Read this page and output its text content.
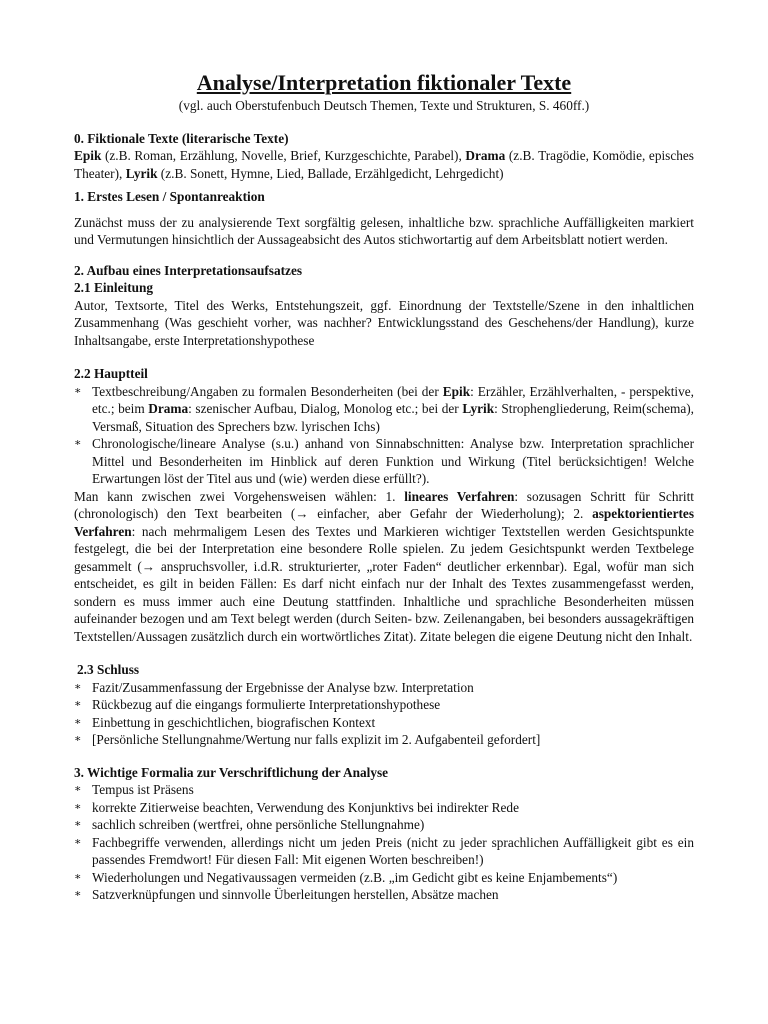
Analyse/Interpretation fiktionaler Texte

(vgl. auch Oberstufenbuch Deutsch Themen, Texte und Strukturen, S. 460ff.)

0. Fiktionale Texte (literarische Texte)

Epik (z.B. Roman, Erzählung, Novelle, Brief, Kurzgeschichte, Parabel), Drama (z.B. Tragödie, Komödie, episches Theater), Lyrik (z.B. Sonett, Hymne, Lied, Ballade, Erzählgedicht, Lehrgedicht)

1. Erstes Lesen / Spontanreaktion

Zunächst muss der zu analysierende Text sorgfältig gelesen, inhaltliche bzw. sprachliche Auffälligkeiten markiert und Vermutungen hinsichtlich der Aussageabsicht des Autos stichwortartig auf dem Arbeitsblatt notiert werden.

2. Aufbau eines Interpretationsaufsatzes
2.1 Einleitung

Autor, Textsorte, Titel des Werks, Entstehungszeit, ggf. Einordnung der Textstelle/Szene in den inhaltlichen Zusammenhang (Was geschieht vorher, was nachher? Entwicklungsstand des Geschehens/der Handlung), kurze Inhaltsangabe, erste Interpretationshypothese

2.2 Hauptteil
∗ Textbeschreibung/Angaben zu formalen Besonderheiten (bei der Epik: Erzähler, Erzählverhalten, - perspektive, etc.; beim Drama: szenischer Aufbau, Dialog, Monolog etc.; bei der Lyrik: Strophengliederung, Reim(schema), Versmaß, Situation des Sprechers bzw. lyrischen Ichs)
∗ Chronologische/lineare Analyse (s.u.) anhand von Sinnabschnitten: Analyse bzw. Interpretation sprachlicher Mittel und Besonderheiten im Hinblick auf deren Funktion und Wirkung (Titel berücksichtigen! Welche Erwartungen löst der Titel aus und (wie) werden diese erfüllt?).

Man kann zwischen zwei Vorgehensweisen wählen: 1. lineares Verfahren: sozusagen Schritt für Schritt (chronologisch) den Text bearbeiten (→ einfacher, aber Gefahr der Wiederholung); 2. aspektorientiertes Verfahren: nach mehrmaligem Lesen des Textes und Markieren wichtiger Textstellen werden Gesichtspunkte festgelegt, die bei der Interpretation eine besondere Rolle spielen. Zu jedem Gesichtspunkt werden Textbelege gesammelt (→ anspruchsvoller, i.d.R. strukturierter, „roter Faden“ deutlicher erkennbar). Egal, wofür man sich entscheidet, es gilt in beiden Fällen: Es darf nicht einfach nur der Inhalt des Textes zusammengefasst werden, sondern es muss immer auch eine Deutung stattfinden. Inhaltliche und sprachliche Besonderheiten müssen aufeinander bezogen und am Text belegt werden (durch Seiten- bzw. Zeilenangaben, bei besonders aussagekräftigen Textstellen/Aussagen zusätzlich durch ein wortwörtliches Zitat). Zitate belegen die eigene Deutung nicht den Inhalt.

2.3 Schluss
∗ Fazit/Zusammenfassung der Ergebnisse der Analyse bzw. Interpretation
∗ Rückbezug auf die eingangs formulierte Interpretationshypothese
∗ Einbettung in geschichtlichen, biografischen Kontext
∗ [Persönliche Stellungnahme/Wertung nur falls explizit im 2. Aufgabenteil gefordert]
3. Wichtige Formalia zur Verschriftlichung der Analyse
∗ Tempus ist Präsens
∗ korrekte Zitierweise beachten, Verwendung des Konjunktivs bei indirekter Rede
∗ sachlich schreiben (wertfrei, ohne persönliche Stellungnahme)
∗ Fachbegriffe verwenden, allerdings nicht um jeden Preis (nicht zu jeder sprachlichen Auffälligkeit gibt es ein passendes Fremdwort! Für diesen Fall: Mit eigenen Worten beschreiben!)
∗ Wiederholungen und Negativaussagen vermeiden (z.B. „im Gedicht gibt es keine Enjambements“)
∗ Satzverknüpfungen und sinnvolle Überleitungen herstellen, Absätze machen
